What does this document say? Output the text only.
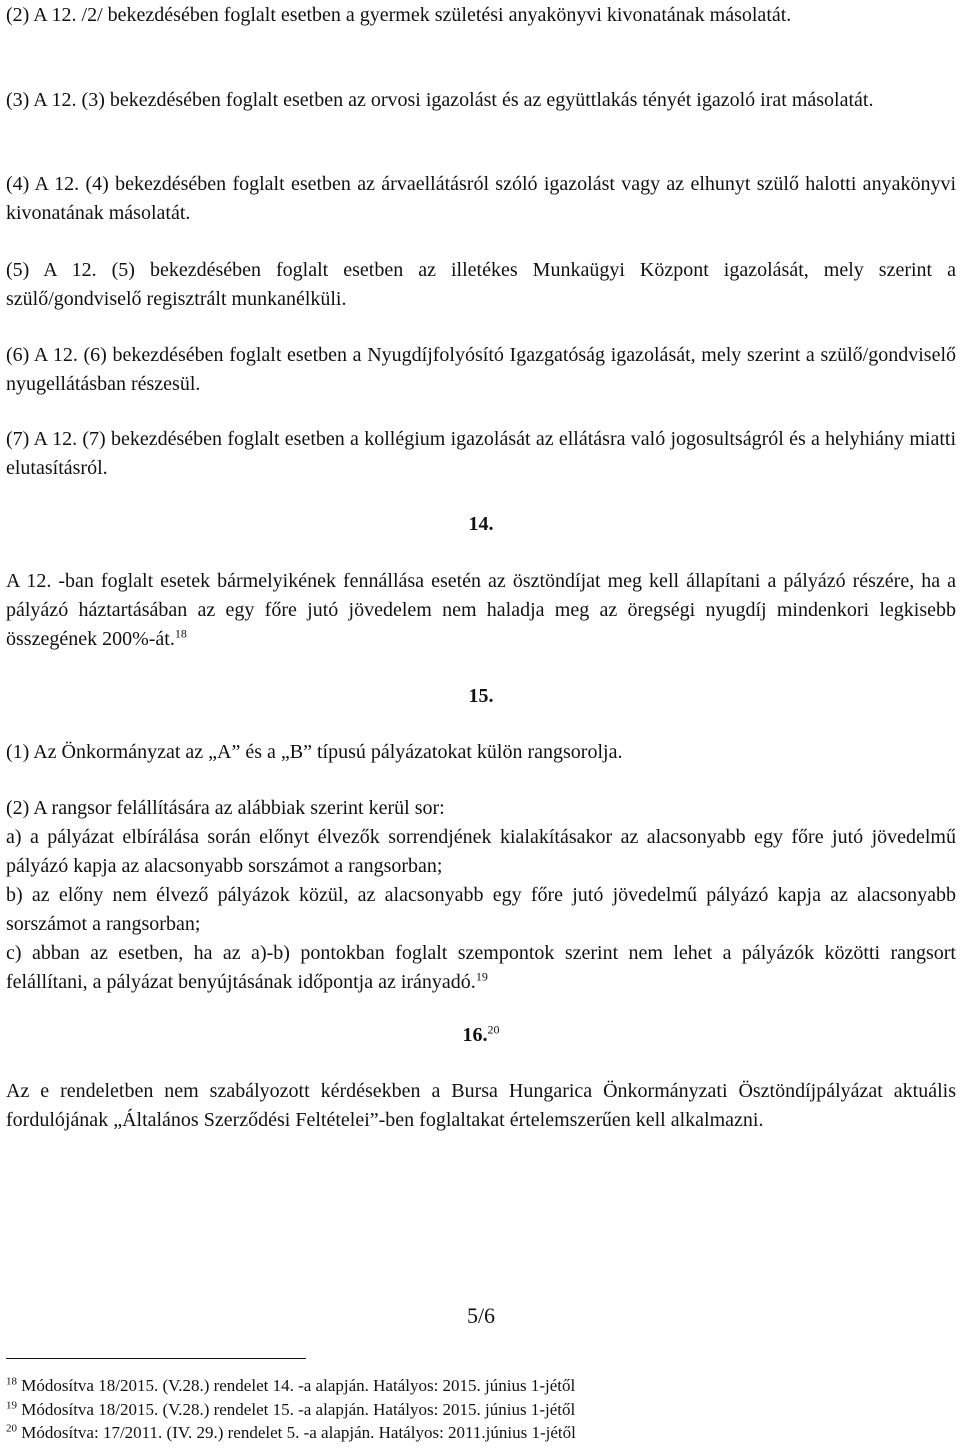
(2) A 12. /2/ bekezdésében foglalt esetben a gyermek születési anyakönyvi kivonatának másolatát.
(3) A 12. (3) bekezdésében foglalt esetben az orvosi igazolást és az együttlakás tényét igazoló irat másolatát.
(4) A 12. (4) bekezdésében foglalt esetben az árvaellátásról szóló igazolást vagy az elhunyt szülő halotti anyakönyvi kivonatának másolatát.
(5) A 12. (5) bekezdésében foglalt esetben az illetékes Munkaügyi Központ igazolását, mely szerint a szülő/gondviselő regisztrált munkanélküli.
(6) A 12. (6) bekezdésében foglalt esetben a Nyugdíjfolyósító Igazgatóság igazolását, mely szerint a szülő/gondviselő nyugellátásban részesül.
(7) A 12. (7) bekezdésében foglalt esetben a kollégium igazolását az ellátásra való jogosultságról és a helyhiány miatti elutasításról.
14.
A 12. -ban foglalt esetek bármelyikének fennállása esetén az ösztöndíjat meg kell állapítani a pályázó részére, ha a pályázó háztartásában az egy főre jutó jövedelem nem haladja meg az öregségi nyugdíj mindenkori legkisebb összegének 200%-át.$^{18}$
15.
(1) Az Önkormányzat az „A” és a „B” típusú pályázatokat külön rangsorolja.
(2) A rangsor felállítására az alábbiak szerint kerül sor:
a) a pályázat elbírálása során előnyt élvezők sorrendjének kialakításakor az alacsonyabb egy főre jutó jövedelmű pályázó kapja az alacsonyabb sorszámot a rangsorban;
b) az előny nem élvező pályázok közül, az alacsonyabb egy főre jutó jövedelmű pályázó kapja az alacsonyabb sorszámot a rangsorban;
c) abban az esetben, ha az a)-b) pontokban foglalt szempontok szerint nem lehet a pályázók közötti rangsort felállítani, a pályázat benyújtásának időpontja az irányadó.$^{19}$
16.20
Az e rendeletben nem szabályozott kérdésekben a Bursa Hungarica Önkormányzati Ösztöndíjpályázat aktuális fordulójának „Általános Szerződési Feltételei”-ben foglaltakat értelemszerűen kell alkalmazni.
5/6
$^{18}$ Módosítva 18/2015. (V.28.) rendelet 14. -a alapján. Hatályos: 2015. június 1-jétől
$^{19}$ Módosítva 18/2015. (V.28.) rendelet 15. -a alapján. Hatályos: 2015. június 1-jétől
$^{20}$ Módosítva: 17/2011. (IV. 29.) rendelet 5. -a alapján. Hatályos: 2011.június 1-jétől
